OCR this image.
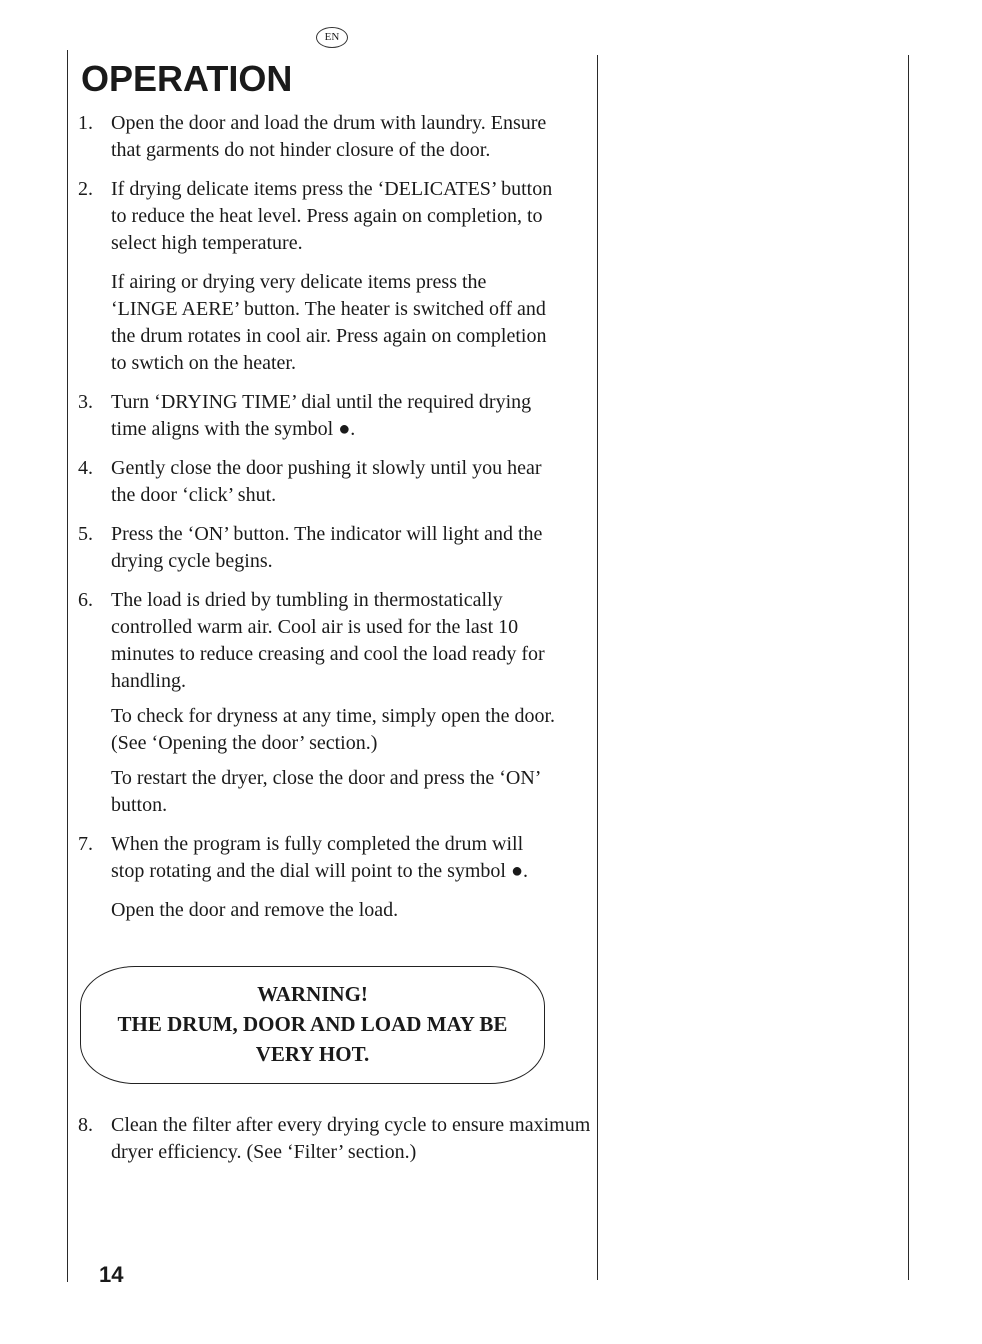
EN
OPERATION
1. Open the door and load the drum with laundry. Ensure that garments do not hinder closure of the door.

2. If drying delicate items press the ‘DELICATES’ button to reduce the heat level. Press again on completion, to select high temperature.

If airing or drying very delicate items press the ‘LINGE AERE’ button. The heater is switched off and the drum rotates in cool air. Press again on completion to swtich on the heater.

3. Turn ‘DRYING TIME’ dial until the required drying time aligns with the symbol ●.

4. Gently close the door pushing it slowly until you hear the door ‘click’ shut.

5. Press the ‘ON’ button. The indicator will light and the drying cycle begins.

6. The load is dried by tumbling in thermostatically controlled warm air. Cool air is used for the last 10 minutes to reduce creasing and cool the load ready for handling.

To check for dryness at any time, simply open the door. (See ‘Opening the door’ section.)

To restart the dryer, close the door and press the ‘ON’ button.

7. When the program is fully completed the drum will stop rotating and the dial will point to the symbol ●.

Open the door and remove the load.

WARNING!
THE DRUM, DOOR AND LOAD MAY BE
VERY HOT.
8. Clean the filter after every drying cycle to ensure maximum dryer efficiency. (See ‘Filter’ section.)

14
